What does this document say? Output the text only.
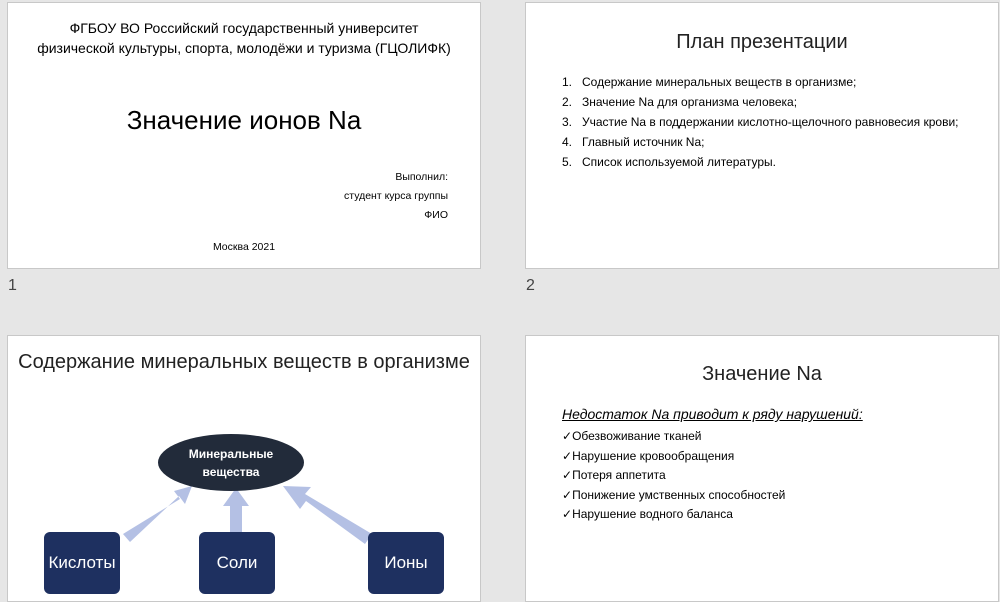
ФГБОУ ВО Российский государственный университет
физической культуры, спорта, молодёжи и туризма (ГЦОЛИФК)
Значение ионов Na
Выполнил:
студент курса группы
ФИО
Москва 2021
1
План презентации
1. Содержание минеральных веществ в организме;
2. Значение Na для организма человека;
3. Участие Na в поддержании кислотно-щелочного равновесия крови;
4. Главный источник Na;
5. Список используемой литературы.
2
Содержание минеральных веществ в организме
Минеральные
вещества
Кислоты	Соли	Ионы
Значение Na
Недостаток Na приводит к ряду нарушений:
✓Обезвоживание тканей
✓Нарушение кровообращения
✓Потеря аппетита
✓Понижение умственных способностей
✓Нарушение водного баланса
